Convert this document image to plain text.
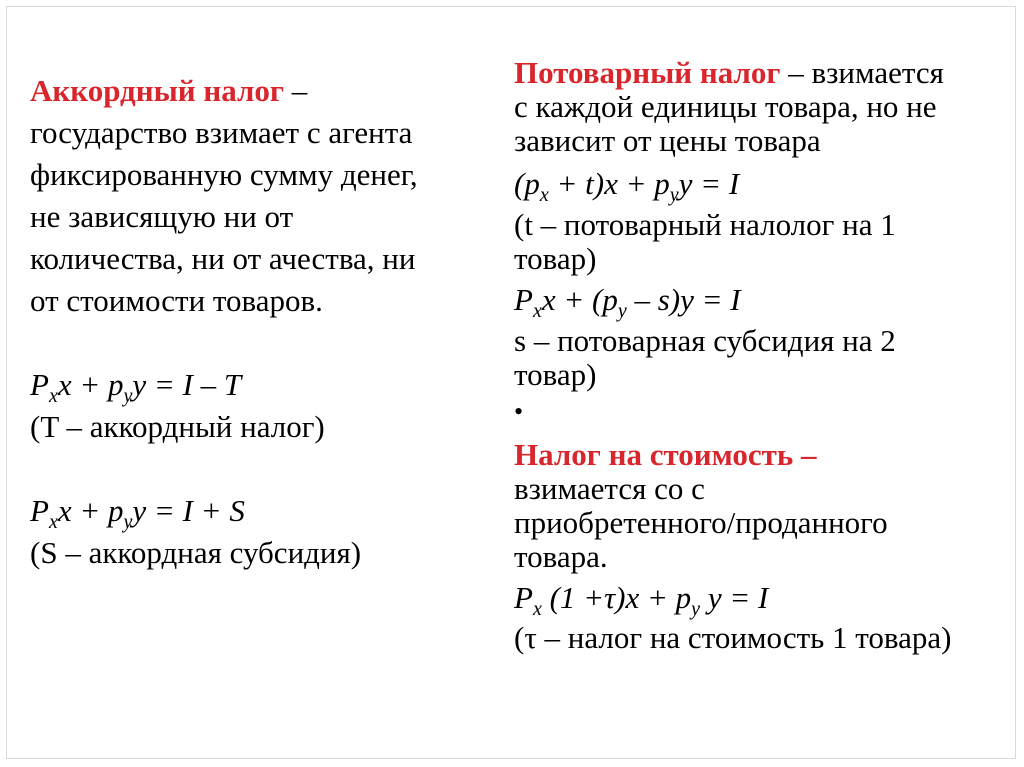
Аккордный налог –
государство взимает с агента
фиксированную сумму денег,
не зависящую ни от
количества, ни от ачества, ни
от стоимости товаров.
$P_xx + p_yy = I - T$
(T – аккордный налог)
$P_xx + p_yy = I + S$
(S – аккордная субсидия)
Потоварный налог – взимается
с каждой единицы товара, но не
зависит от цены товара
$(p_x + t)x + p_yy = I$
(t – потоварный налолог на 1
товар)
$P_xx + (p_y - s)y = I$
s – потоварная субсидия на 2
товар)
•
Налог на стоимость –
взимается со с
приобретенного/проданного
товара.
$P_x$ $(1 +\tau)x + p_y$ y = I
(τ – налог на стоимость 1 товара)
